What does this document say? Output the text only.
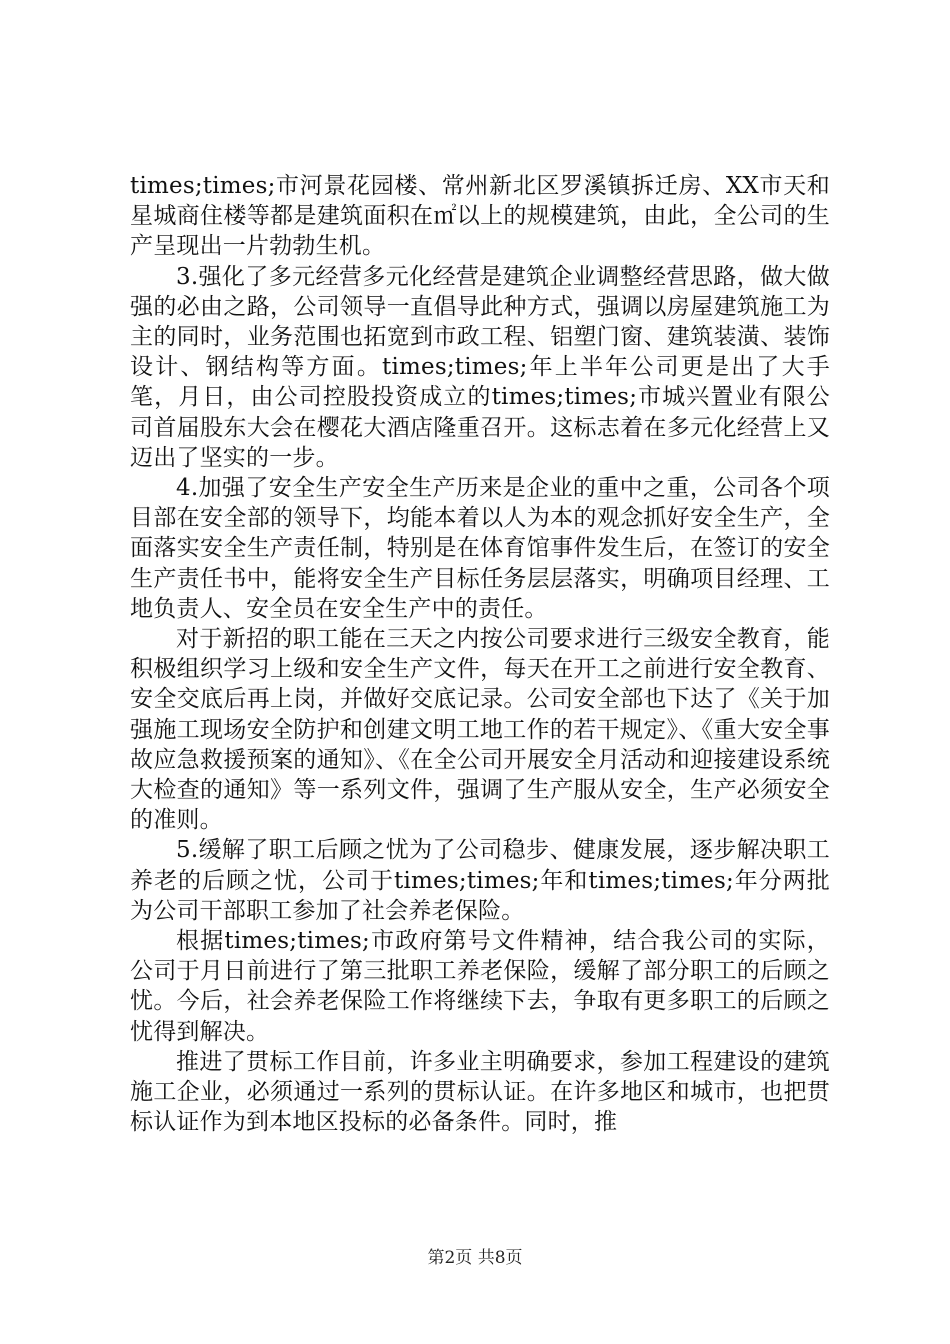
times;times;市河景花园楼、常州新北区罗溪镇拆迁房、XX市天和星城商住楼等都是建筑面积在㎡以上的规模建筑，由此，全公司的生产呈现出一片勃勃生机。

3.强化了多元经营多元化经营是建筑企业调整经营思路，做大做强的必由之路，公司领导一直倡导此种方式，强调以房屋建筑施工为主的同时，业务范围也拓宽到市政工程、铝塑门窗、建筑装潢、装饰设计、钢结构等方面。times;times;年上半年公司更是出了大手笔，月日，由公司控股投资成立的times;times;市城兴置业有限公司首届股东大会在樱花大酒店隆重召开。这标志着在多元化经营上又迈出了坚实的一步。

4.加强了安全生产安全生产历来是企业的重中之重，公司各个项目部在安全部的领导下，均能本着以人为本的观念抓好安全生产，全面落实安全生产责任制，特别是在体育馆事件发生后，在签订的安全生产责任书中，能将安全生产目标任务层层落实，明确项目经理、工地负责人、安全员在安全生产中的责任。

对于新招的职工能在三天之内按公司要求进行三级安全教育，能积极组织学习上级和安全生产文件，每天在开工之前进行安全教育、安全交底后再上岗，并做好交底记录。公司安全部也下达了《关于加强施工现场安全防护和创建文明工地工作的若干规定》、《重大安全事故应急救援预案的通知》、《在全公司开展安全月活动和迎接建设系统大检查的通知》等一系列文件，强调了生产服从安全，生产必须安全的准则。

5.缓解了职工后顾之忧为了公司稳步、健康发展，逐步解决职工养老的后顾之忧，公司于times;times;年和times;times;年分两批为公司干部职工参加了社会养老保险。

根据times;times;市政府第号文件精神，结合我公司的实际，公司于月日前进行了第三批职工养老保险，缓解了部分职工的后顾之忧。今后，社会养老保险工作将继续下去，争取有更多职工的后顾之忧得到解决。

推进了贯标工作目前，许多业主明确要求，参加工程建设的建筑施工企业，必须通过一系列的贯标认证。在许多地区和城市，也把贯标认证作为到本地区投标的必备条件。同时，推

第2页 共8页
